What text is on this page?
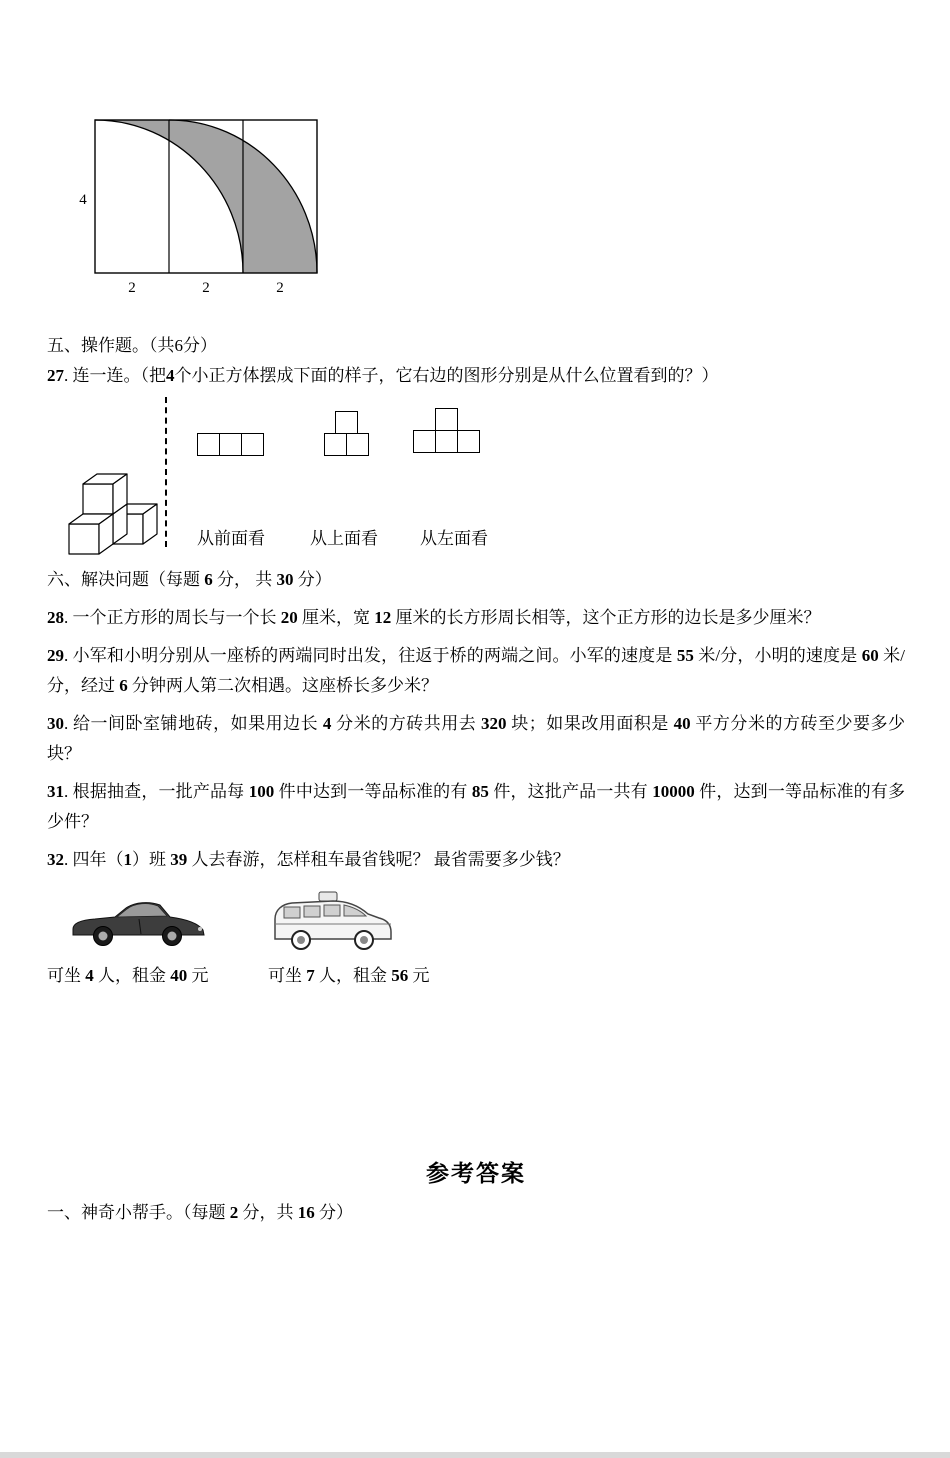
4
2	2	2

五、操作题。（共6分）

27. 连一连。（把4个小正方体摆成下面的样子，它右边的图形分别是从什么位置看到的？）

从前面看	从上面看 从左面看

六、解决问题（每题 6 分， 共 30 分）

28. 一个正方形的周长与一个长 20 厘米，宽 12 厘米的长方形周长相等，这个正方形的边长是多少厘米？

29. 小军和小明分别从一座桥的两端同时出发，往返于桥的两端之间。小军的速度是 55 米/分，小明的速度是 60 米/分，经过 6 分钟两人第二次相遇。这座桥长多少米？

30. 给一间卧室铺地砖，如果用边长 4 分米的方砖共用去 320 块；如果改用面积是 40 平方分米的方砖至少要多少块？

31. 根据抽查，一批产品每 100 件中达到一等品标准的有 85 件，这批产品一共有 10000 件，达到一等品标准的有多少件？

32. 四年（1）班 39 人去春游，怎样租车最省钱呢？ 最省需要多少钱？

可坐 4 人，租金 40 元	可坐 7 人，租金 56 元
参考答案

一、神奇小帮手。（每题 2 分，共 16 分）
